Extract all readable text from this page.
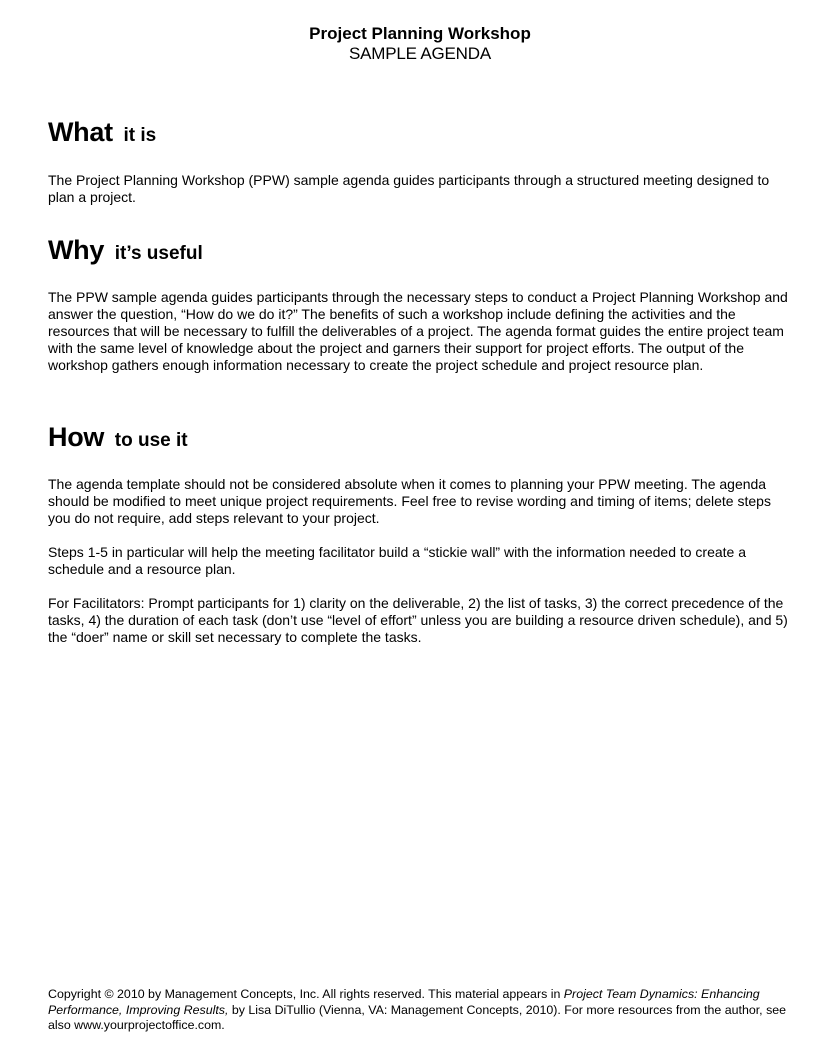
Project Planning Workshop
SAMPLE AGENDA
What it is

The Project Planning Workshop (PPW) sample agenda guides participants through a structured meeting designed to plan a project.

Why it’s useful

The PPW sample agenda guides participants through the necessary steps to conduct a Project Planning Workshop and answer the question, “How do we do it?” The benefits of such a workshop include defining the activities and the resources that will be necessary to fulfill the deliverables of a project. The agenda format guides the entire project team with the same level of knowledge about the project and garners their support for project efforts. The output of the workshop gathers enough information necessary to create the project schedule and project resource plan.

How to use it

The agenda template should not be considered absolute when it comes to planning your PPW meeting. The agenda should be modified to meet unique project requirements. Feel free to revise wording and timing of items; delete steps you do not require, add steps relevant to your project.

Steps 1-5 in particular will help the meeting facilitator build a “stickie wall” with the information needed to create a schedule and a resource plan.

For Facilitators: Prompt participants for 1) clarity on the deliverable, 2) the list of tasks, 3) the correct precedence of the tasks, 4) the duration of each task (don’t use “level of effort” unless you are building a resource driven schedule), and 5) the “doer” name or skill set necessary to complete the tasks.

Copyright © 2010 by Management Concepts, Inc. All rights reserved. This material appears in Project Team Dynamics: Enhancing Performance, Improving Results, by Lisa DiTullio (Vienna, VA: Management Concepts, 2010). For more resources from the author, see also www.yourprojectoffice.com.
